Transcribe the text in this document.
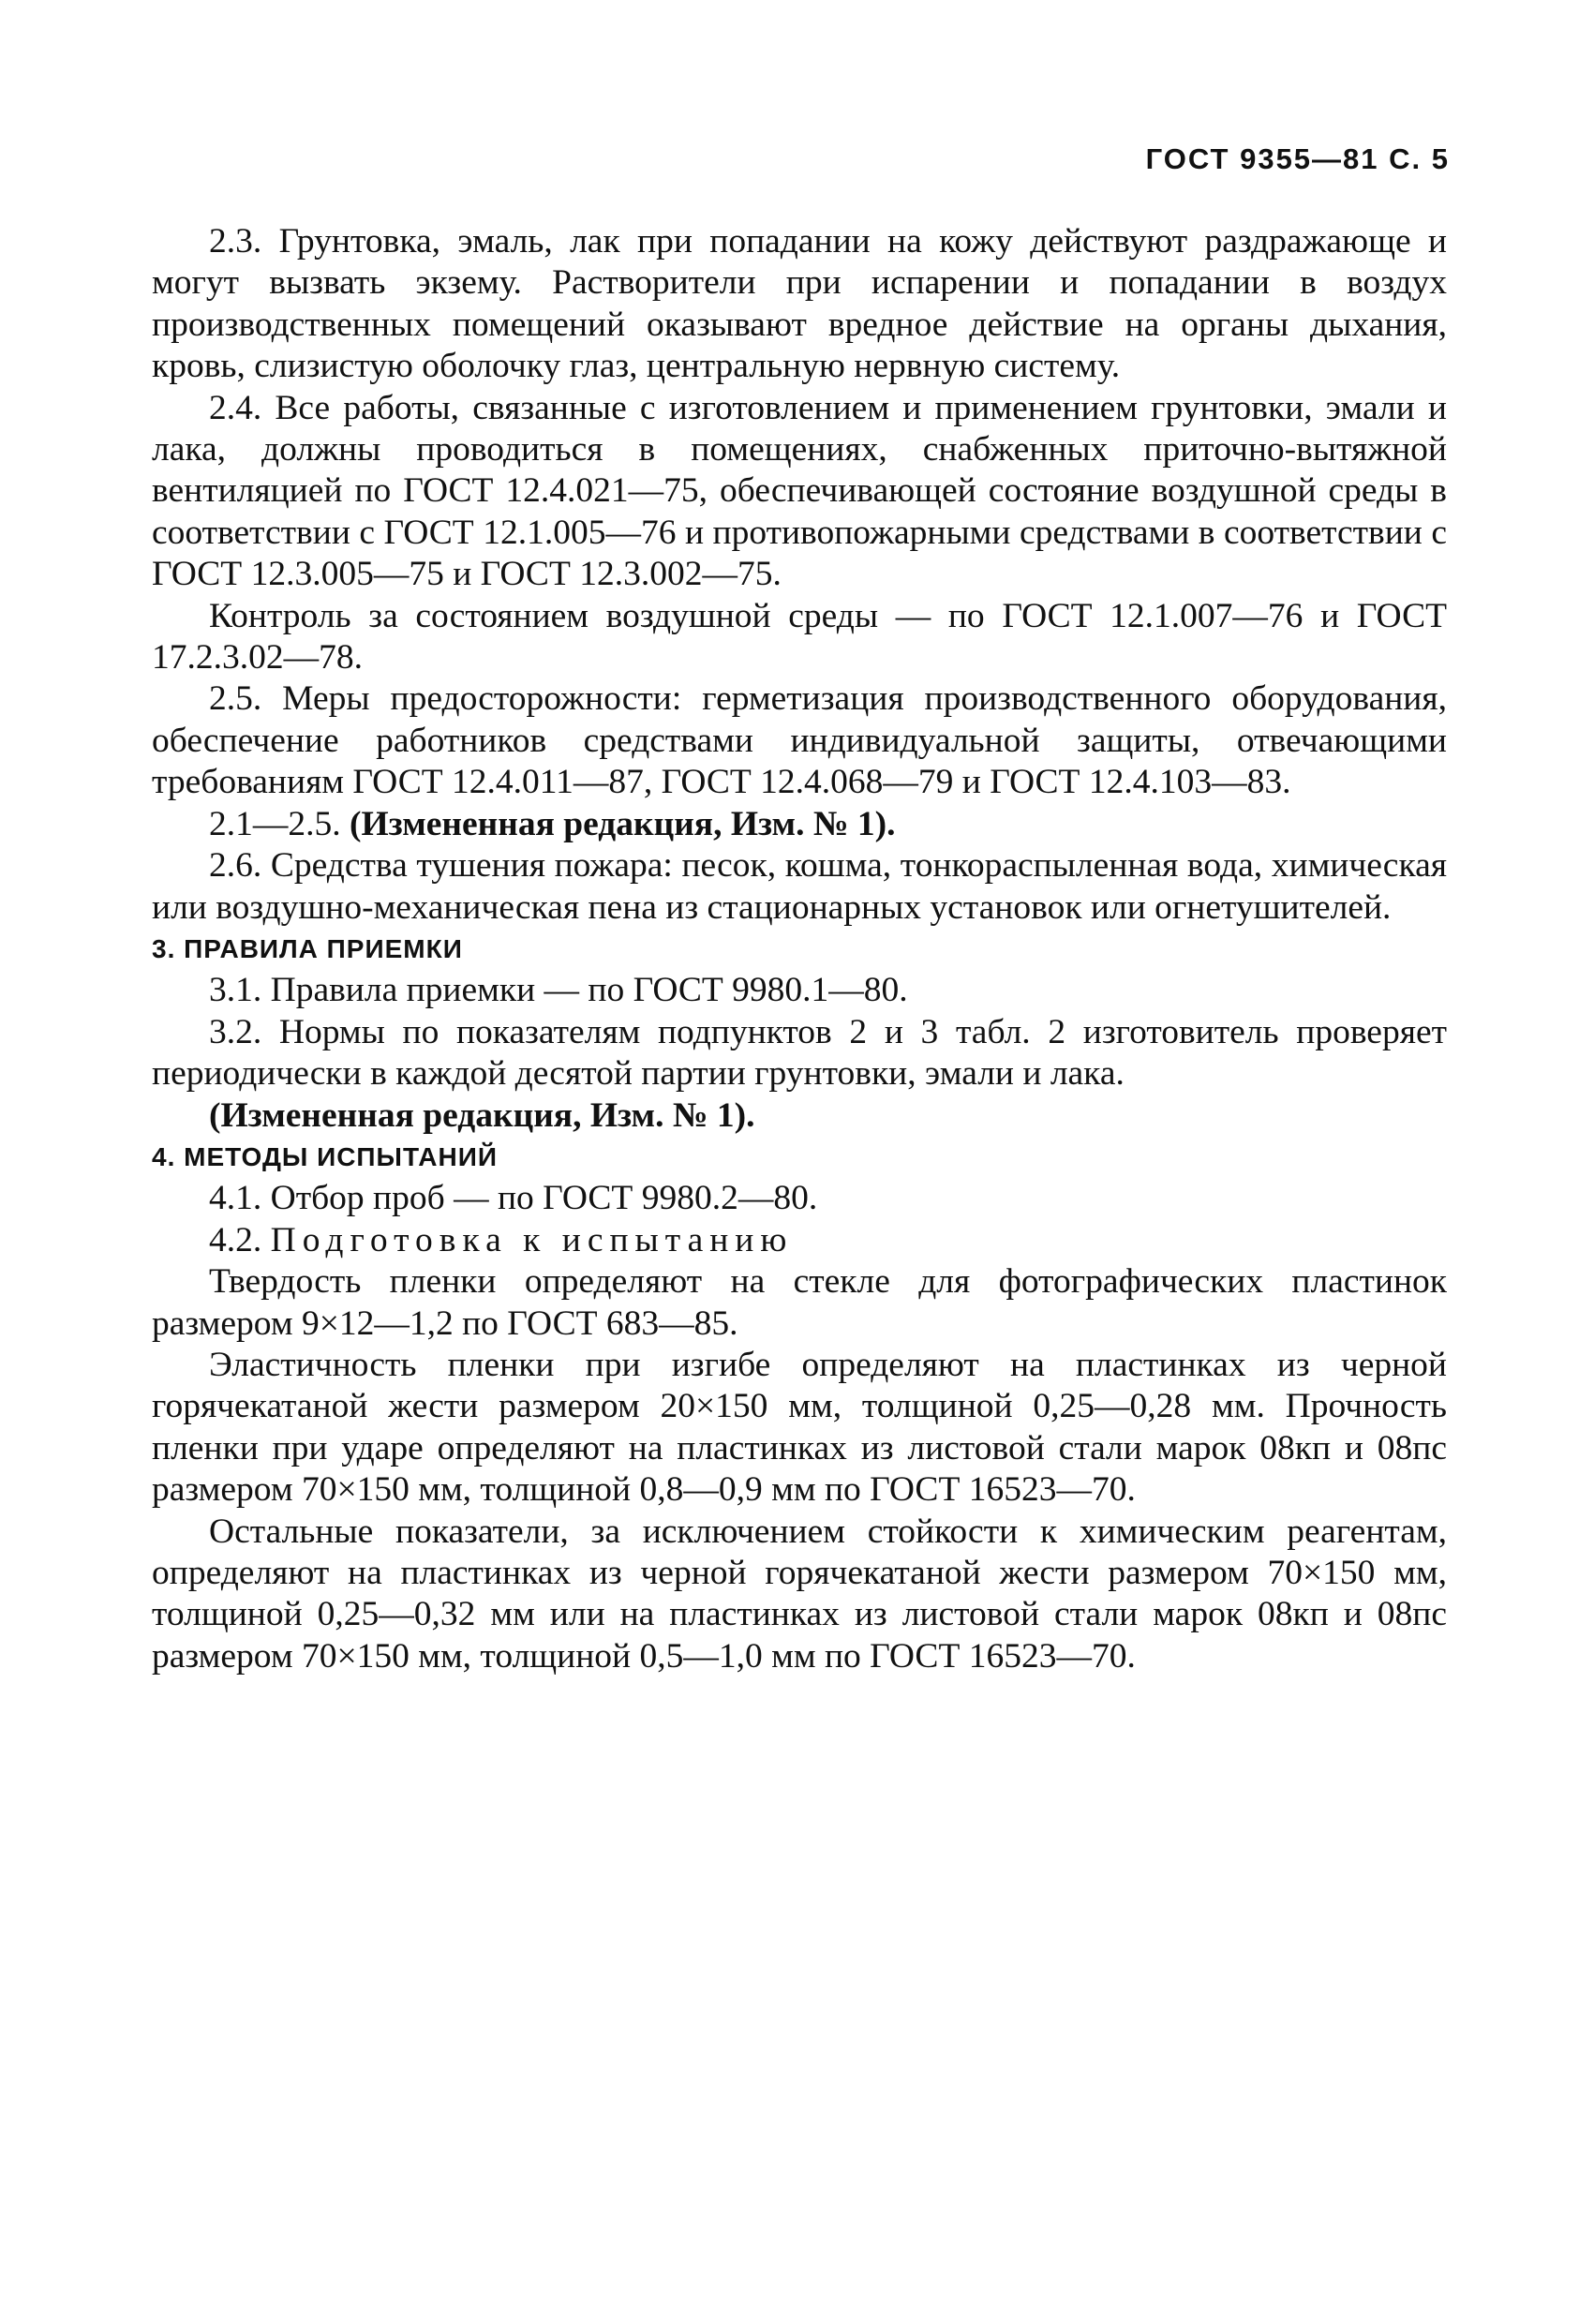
ГОСТ 9355—81 С. 5

2.3. Грунтовка, эмаль, лак при попадании на кожу действуют раздражающе и могут вызвать экзему. Растворители при испарении и попадании в воздух производственных помещений оказывают вредное действие на органы дыхания, кровь, слизистую оболочку глаз, центральную нервную систему.

2.4. Все работы, связанные с изготовлением и применением грунтовки, эмали и лака, должны проводиться в помещениях, снабженных приточно-вытяжной вентиляцией по ГОСТ 12.4.021—75, обеспечивающей состояние воздушной среды в соответствии с ГОСТ 12.1.005—76 и противопожарными средствами в соответствии с ГОСТ 12.3.005—75 и ГОСТ 12.3.002—75.

Контроль за состоянием воздушной среды — по ГОСТ 12.1.007—76 и ГОСТ 17.2.3.02—78.

2.5. Меры предосторожности: герметизация производственного оборудования, обеспечение работников средствами индивидуальной защиты, отвечающими требованиям ГОСТ 12.4.011—87, ГОСТ 12.4.068—79 и ГОСТ 12.4.103—83.

2.1—2.5. (Измененная редакция, Изм. № 1).

2.6. Средства тушения пожара: песок, кошма, тонкораспыленная вода, химическая или воздушно-механическая пена из стационарных установок или огнетушителей.

3. ПРАВИЛА ПРИЕМКИ

3.1. Правила приемки — по ГОСТ 9980.1—80.

3.2. Нормы по показателям подпунктов 2 и 3 табл. 2 изготовитель проверяет периодически в каждой десятой партии грунтовки, эмали и лака.

(Измененная редакция, Изм. № 1).

4. МЕТОДЫ ИСПЫТАНИЙ

4.1. Отбор проб — по ГОСТ 9980.2—80.

4.2. Подготовка к испытанию

Твердость пленки определяют на стекле для фотографических пластинок размером 9×12—1,2 по ГОСТ 683—85.

Эластичность пленки при изгибе определяют на пластинках из черной горячекатаной жести размером 20×150 мм, толщиной 0,25—0,28 мм. Прочность пленки при ударе определяют на пластинках из листовой стали марок 08кп и 08пс размером 70×150 мм, толщиной 0,8—0,9 мм по ГОСТ 16523—70.

Остальные показатели, за исключением стойкости к химическим реагентам, определяют на пластинках из черной горячекатаной жести размером 70×150 мм, толщиной 0,25—0,32 мм или на пластинках из листовой стали марок 08кп и 08пс размером 70×150 мм, толщиной 0,5—1,0 мм по ГОСТ 16523—70.
